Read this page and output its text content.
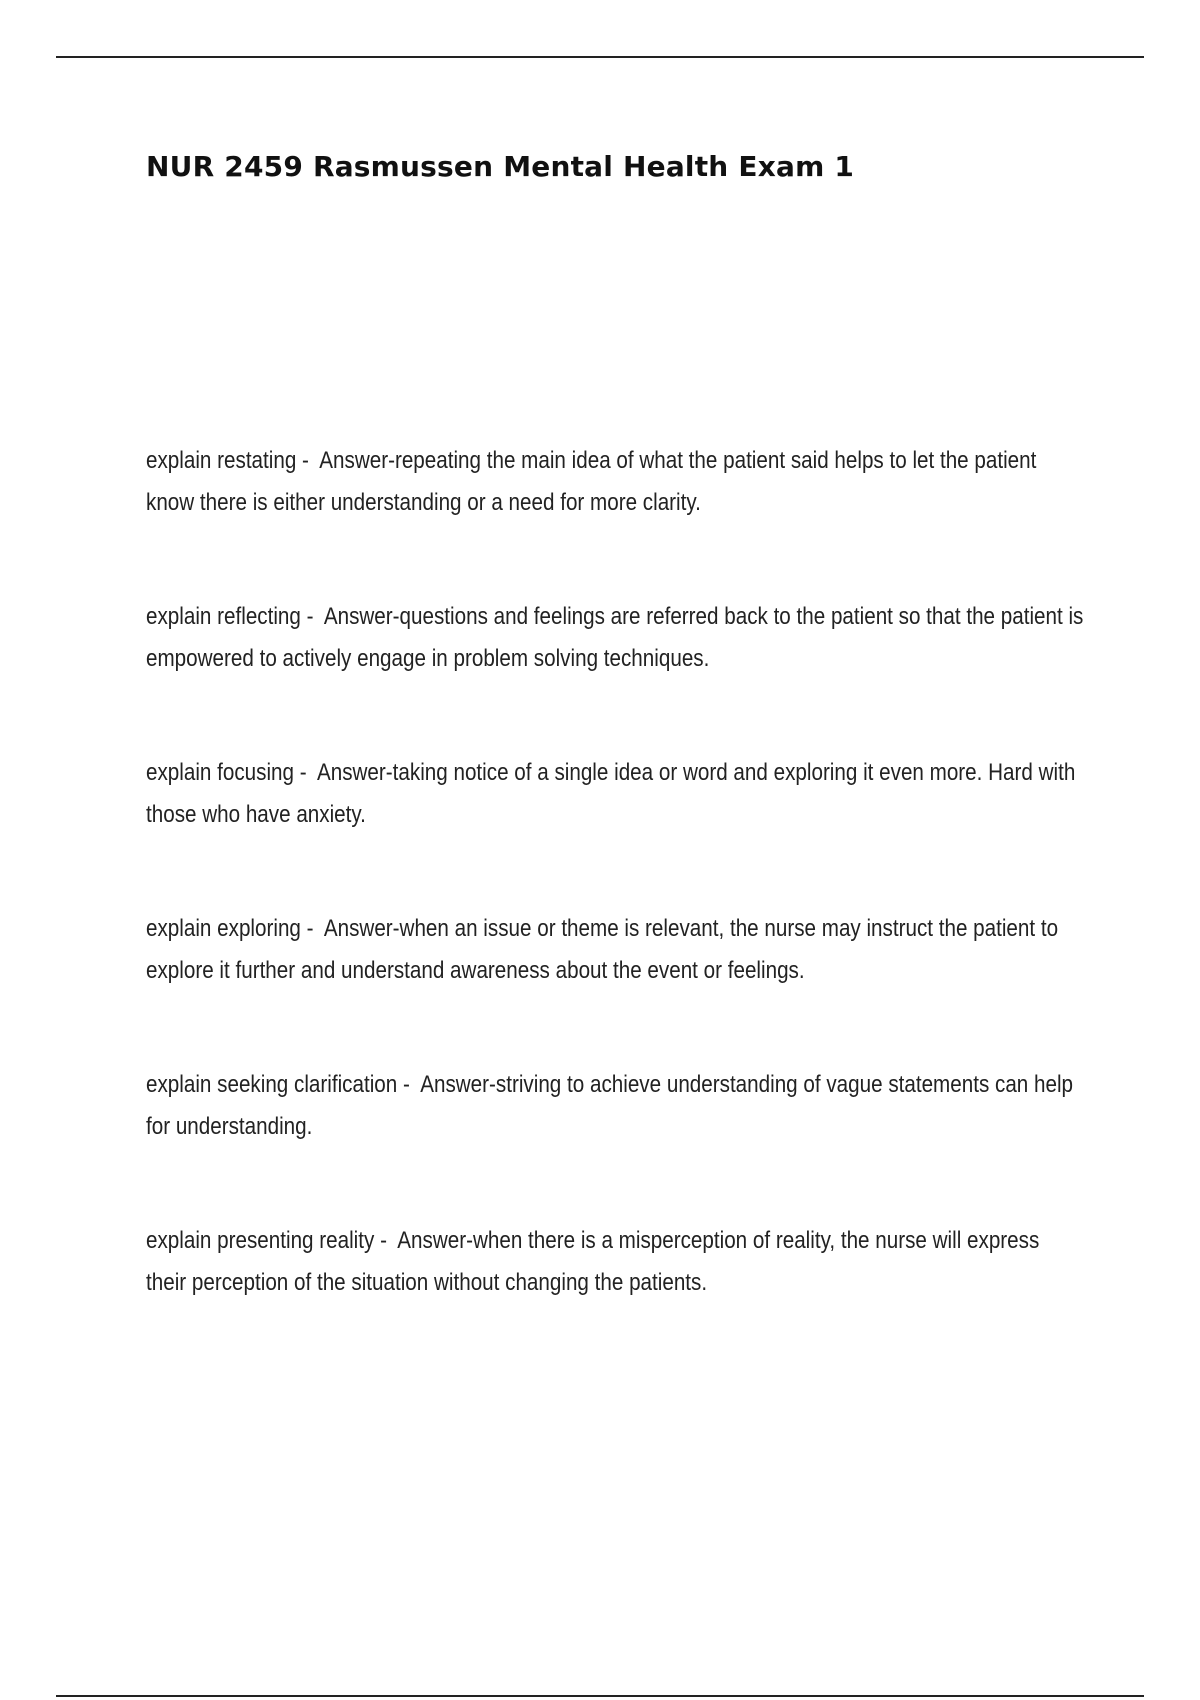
NUR 2459 Rasmussen Mental Health Exam 1
explain restating -  Answer-repeating the main idea of what the patient said helps to let the patient know there is either understanding or a need for more clarity.
explain reflecting -  Answer-questions and feelings are referred back to the patient so that the patient is empowered to actively engage in problem solving techniques.
explain focusing -  Answer-taking notice of a single idea or word and exploring it even more. Hard with those who have anxiety.
explain exploring -  Answer-when an issue or theme is relevant, the nurse may instruct the patient to explore it further and understand awareness about the event or feelings.
explain seeking clarification -  Answer-striving to achieve understanding of vague statements can help for understanding.
explain presenting reality -  Answer-when there is a misperception of reality, the nurse will express their perception of the situation without changing the patients.
